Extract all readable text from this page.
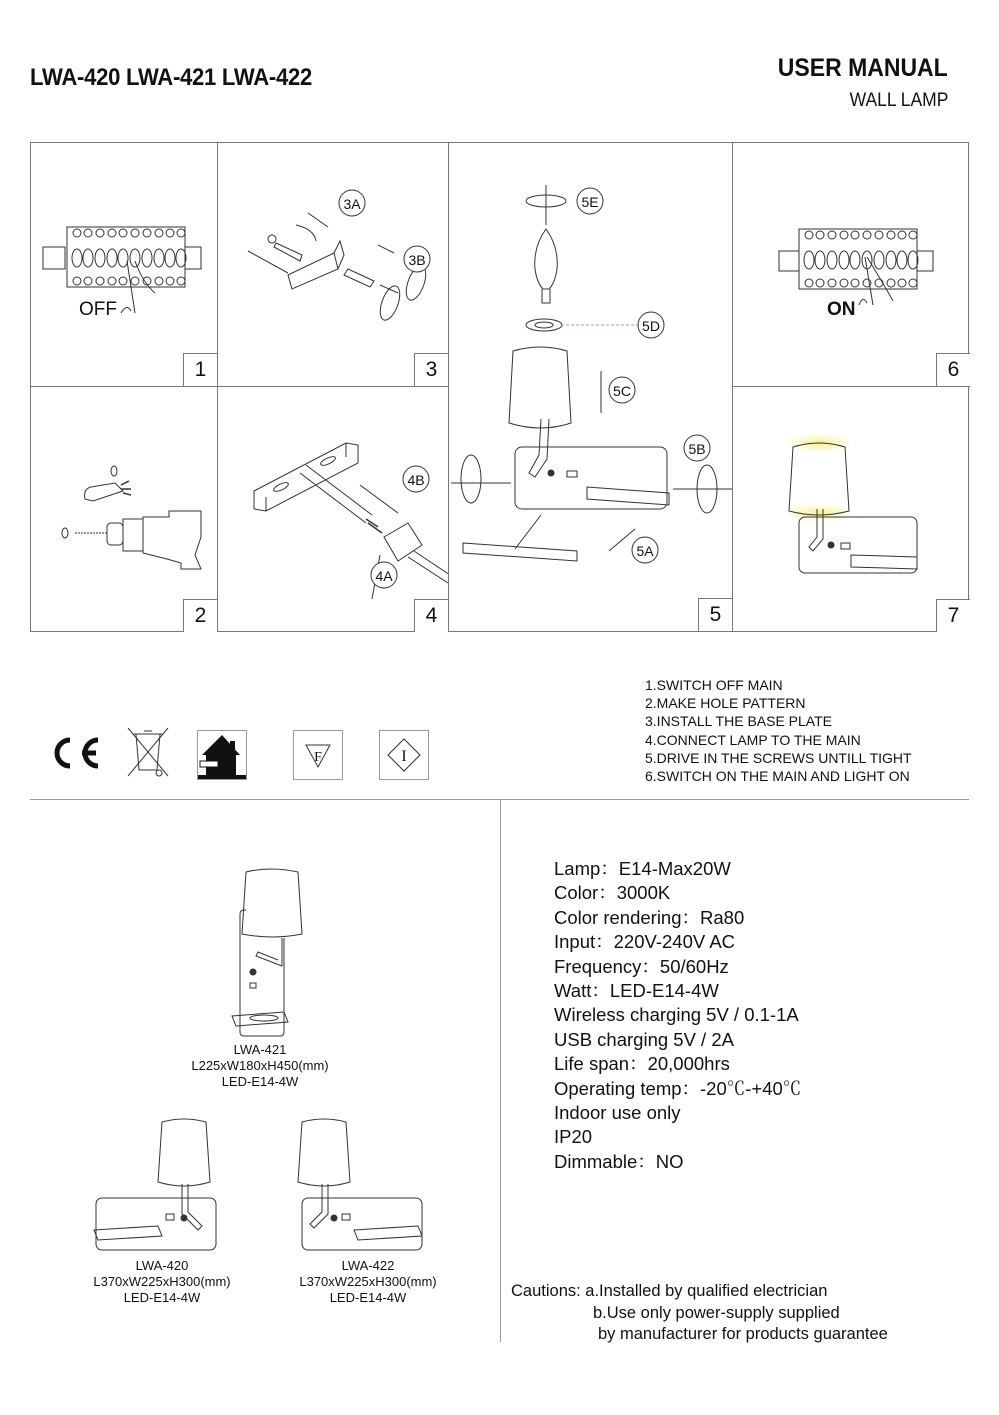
LWA-420 LWA-421 LWA-422	USER MANUAL
WALL LAMP
OFF
1
3A
3B
3
5E
5D
5C
5B
5A
5
ON
6
2
4B
4A
4	7
F	I
1.SWITCH OFF MAIN
2.MAKE HOLE PATTERN
3.INSTALL THE BASE PLATE
4.CONNECT LAMP TO THE MAIN
5.DRIVE IN THE SCREWS UNTILL TIGHT
6.SWITCH ON THE MAIN AND LIGHT ON
LWA-421
L225xW180xH450(mm)
LED-E14-4W
LWA-420
L370xW225xH300(mm)
LED-E14-4W
LWA-422
L370xW225xH300(mm)
LED-E14-4W
Lamp：E14-Max20W
Color：3000K
Color rendering：Ra80
Input：220V-240V AC
Frequency：50/60Hz
Watt：LED-E14-4W
Wireless charging 5V / 0.1-1A
USB charging 5V / 2A
Life span：20,000hrs
Operating temp：-20℃-+40℃
Indoor use only
IP20
Dimmable：NO
Cautions: a.Installed by qualified electrician
b.Use only power-supply supplied
by manufacturer for products guarantee
